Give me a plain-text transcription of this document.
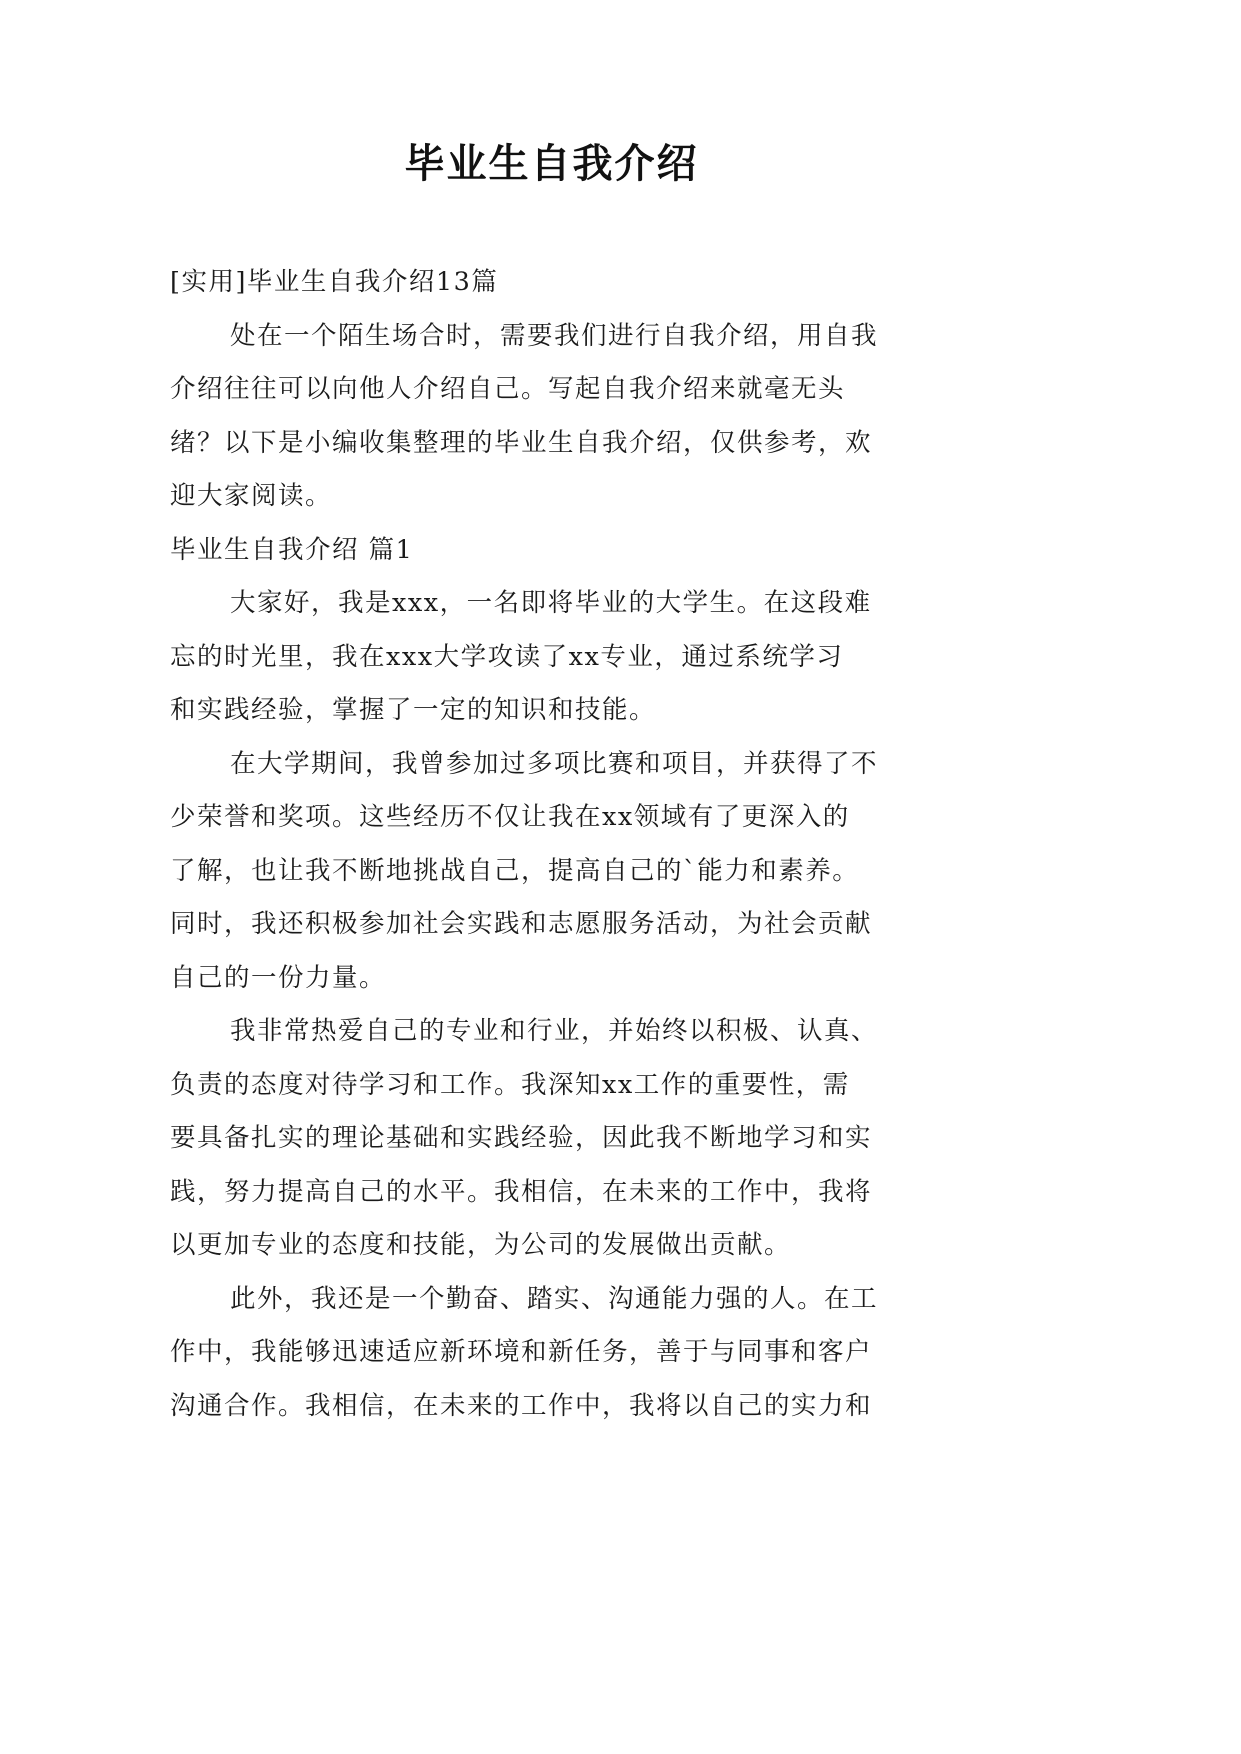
毕业生自我介绍
[实用]毕业生自我介绍13篇
处在一个陌生场合时，需要我们进行自我介绍，用自我
介绍往往可以向他人介绍自己。写起自我介绍来就毫无头
绪？以下是小编收集整理的毕业生自我介绍，仅供参考，欢
迎大家阅读。
毕业生自我介绍 篇1
大家好，我是xxx，一名即将毕业的大学生。在这段难
忘的时光里，我在xxx大学攻读了xx专业，通过系统学习
和实践经验，掌握了一定的知识和技能。
在大学期间，我曾参加过多项比赛和项目，并获得了不
少荣誉和奖项。这些经历不仅让我在xx领域有了更深入的
了解，也让我不断地挑战自己，提高自己的`能力和素养。
同时，我还积极参加社会实践和志愿服务活动，为社会贡献
自己的一份力量。
我非常热爱自己的专业和行业，并始终以积极、认真、
负责的态度对待学习和工作。我深知xx工作的重要性，需
要具备扎实的理论基础和实践经验，因此我不断地学习和实
践，努力提高自己的水平。我相信，在未来的工作中，我将
以更加专业的态度和技能，为公司的发展做出贡献。
此外，我还是一个勤奋、踏实、沟通能力强的人。在工
作中，我能够迅速适应新环境和新任务，善于与同事和客户
沟通合作。我相信，在未来的工作中，我将以自己的实力和
